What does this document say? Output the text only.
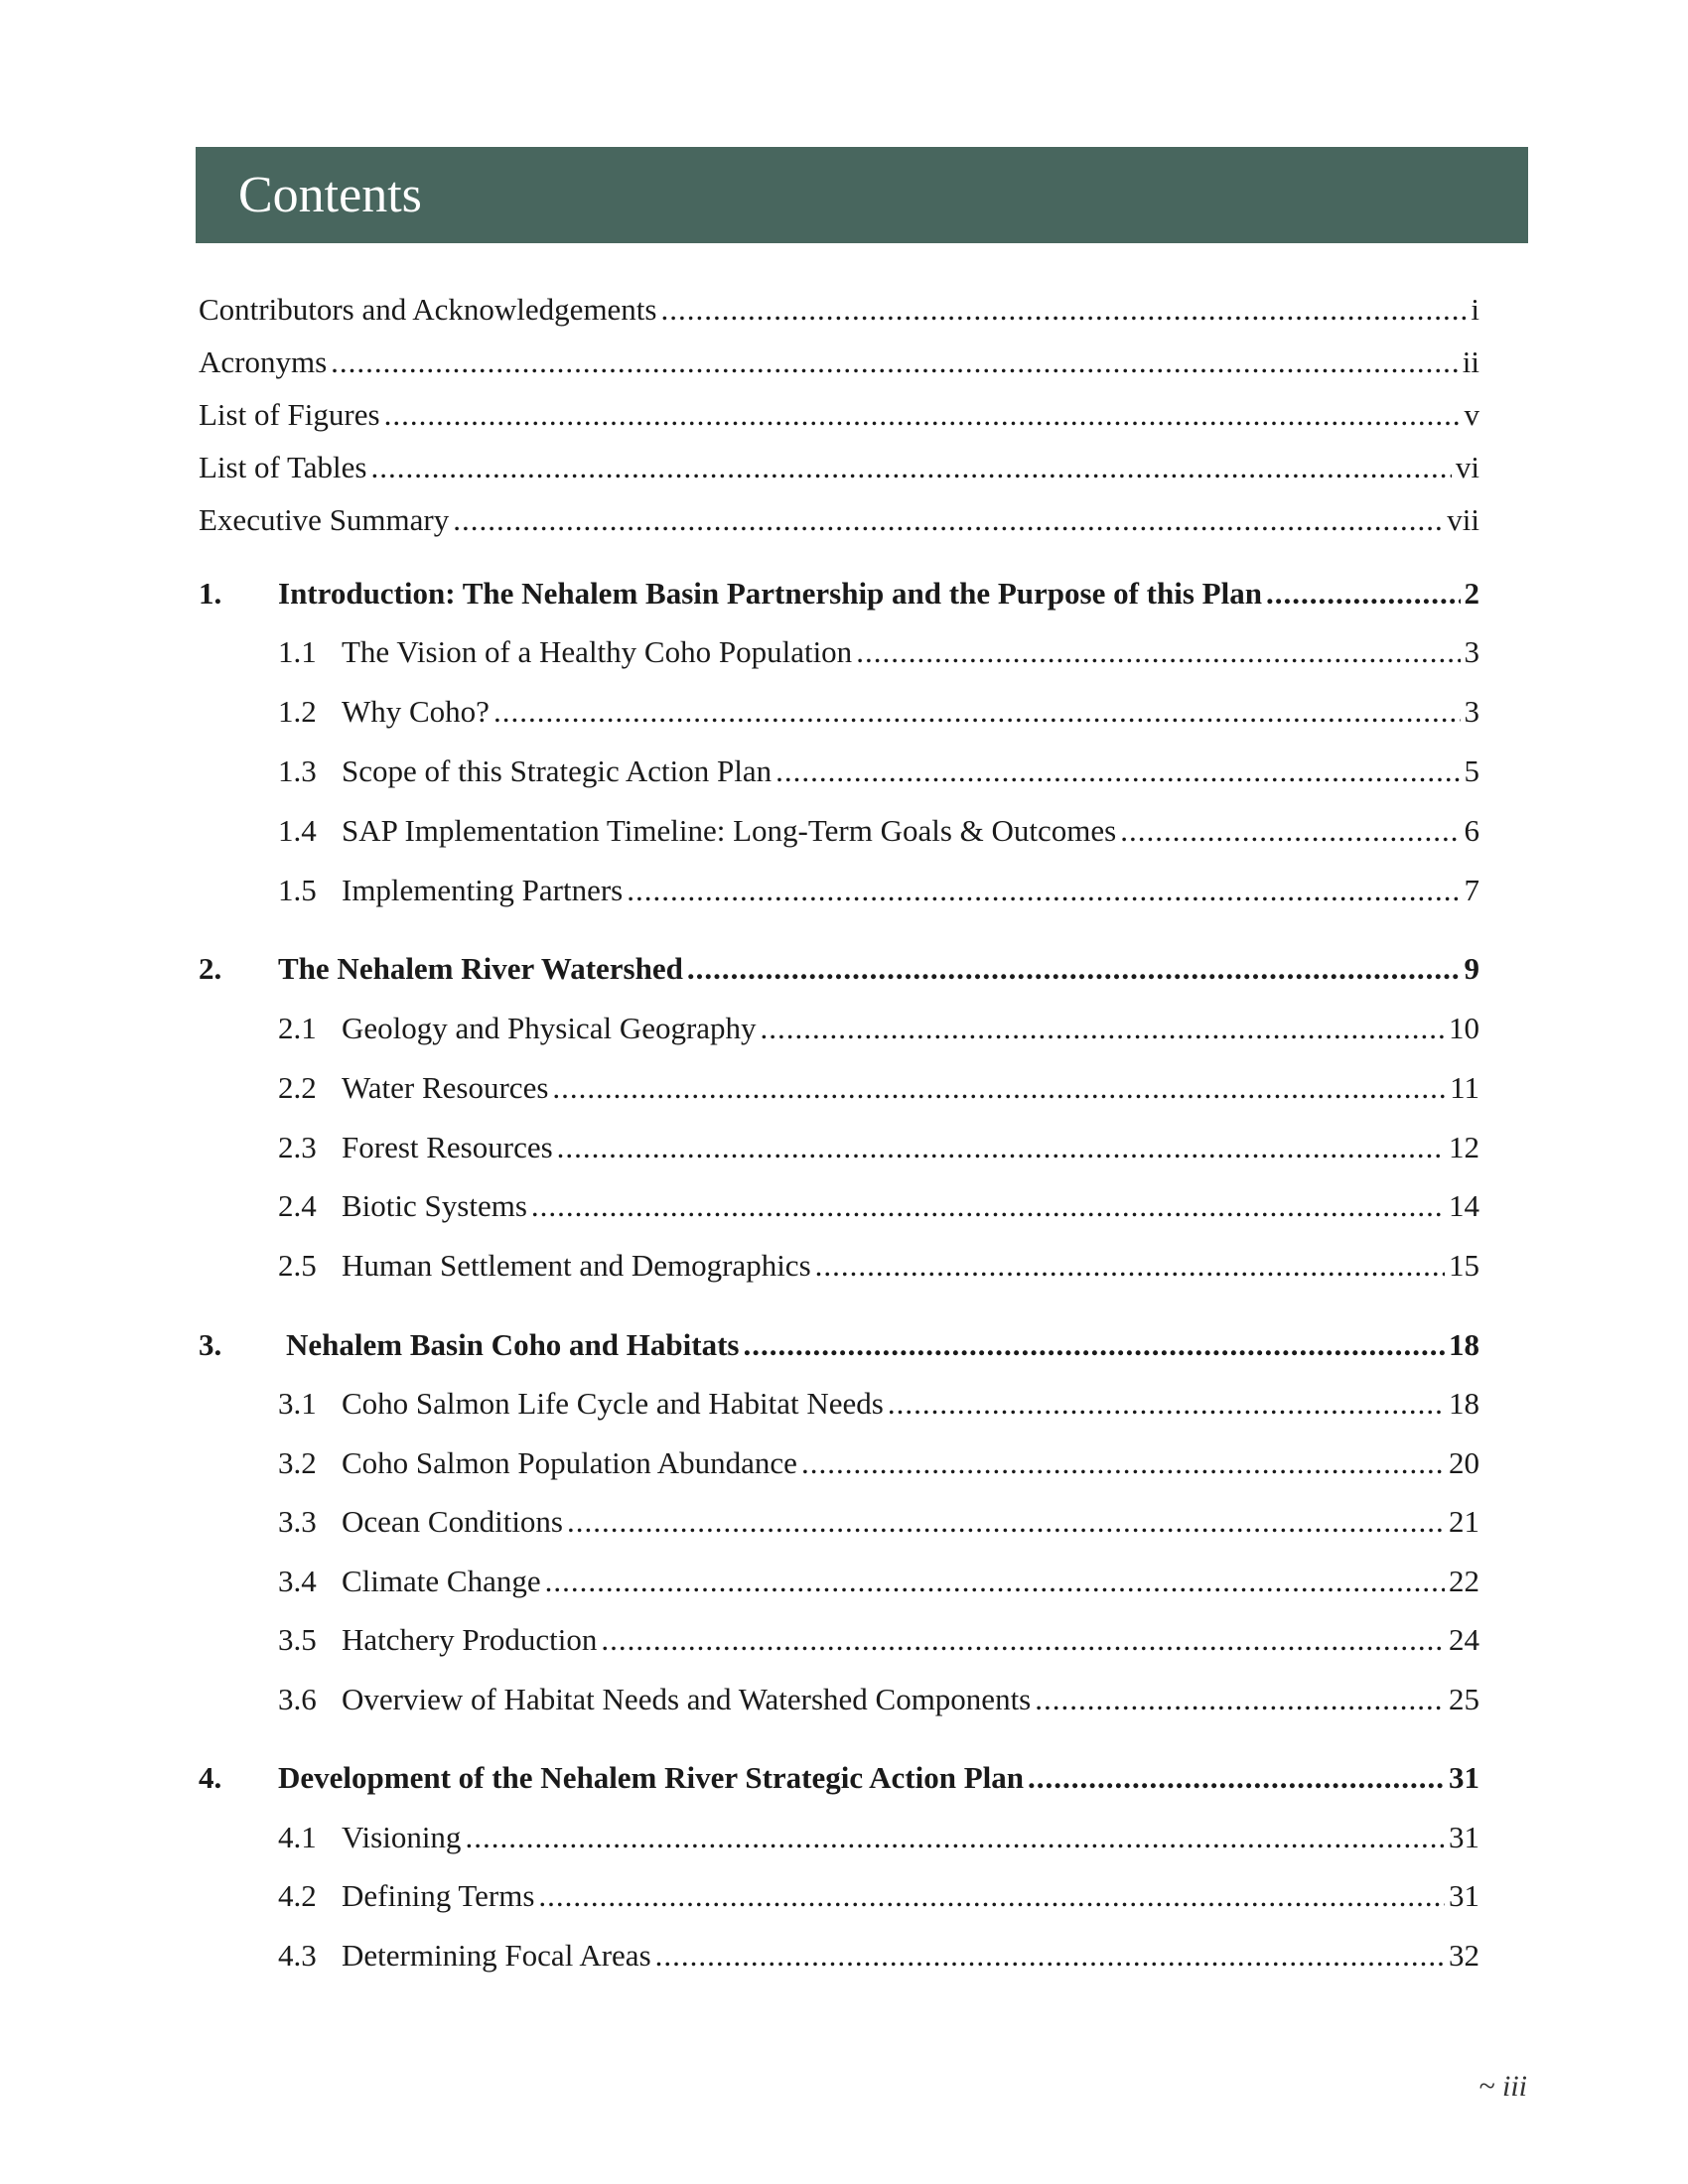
Contents
Contributors and Acknowledgements .....	i
Acronyms .....	ii
List of Figures .....	v
List of Tables .....	vi
Executive Summary .....	vii
1.	Introduction: The Nehalem Basin Partnership and the Purpose of this Plan .....	2
1.1 The Vision of a Healthy Coho Population .....	3
1.2 Why Coho? .....	3
1.3 Scope of this Strategic Action Plan .....	5
1.4 SAP Implementation Timeline: Long-Term Goals & Outcomes .....	6
1.5 Implementing Partners .....	7
2.	The Nehalem River Watershed .....	9
2.1 Geology and Physical Geography .....	10
2.2 Water Resources .....	11
2.3 Forest Resources .....	12
2.4 Biotic Systems .....	14
2.5 Human Settlement and Demographics .....	15
3.	Nehalem Basin Coho and Habitats .....	18
3.1 Coho Salmon Life Cycle and Habitat Needs .....	18
3.2 Coho Salmon Population Abundance .....	20
3.3 Ocean Conditions .....	21
3.4 Climate Change .....	22
3.5 Hatchery Production .....	24
3.6 Overview of Habitat Needs and Watershed Components .....	25
4.	Development of the Nehalem River Strategic Action Plan .....	31
4.1 Visioning .....	31
4.2 Defining Terms .....	31
4.3 Determining Focal Areas .....	32
~ iii
